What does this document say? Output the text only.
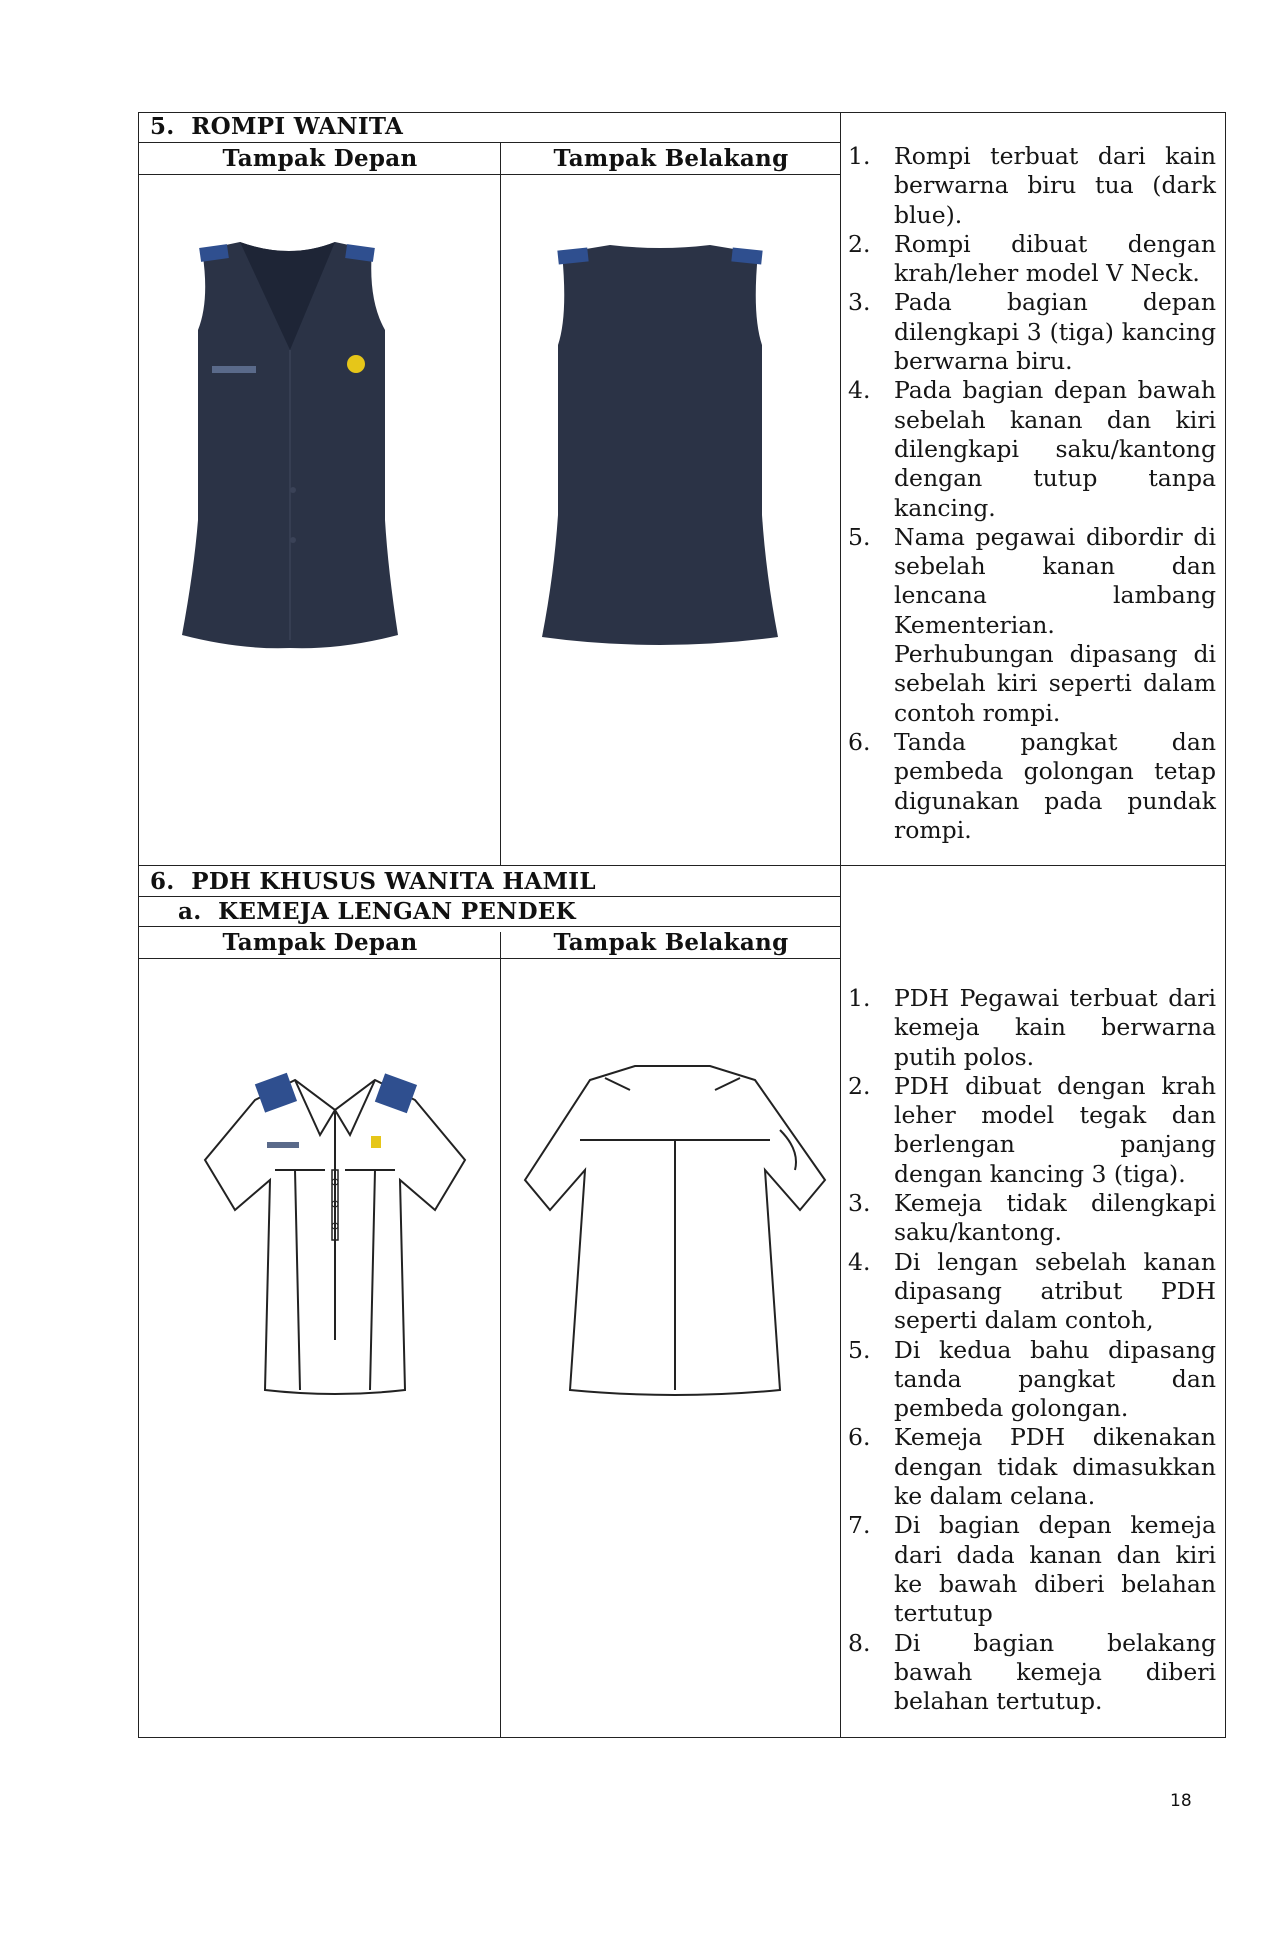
5.  ROMPI WANITA
Tampak Depan	Tampak Belakang
6.  PDH KHUSUS WANITA HAMIL
a.  KEMEJA LENGAN PENDEK
Tampak Depan	Tampak Belakang
1.	Rompi terbuat dari kain
berwarna biru tua (dark
blue).
2.	Rompi dibuat dengan
krah/leher model V Neck.
3.	Pada bagian depan
dilengkapi 3 (tiga) kancing
berwarna biru.
4.	Pada bagian depan bawah
sebelah kanan dan kiri
dilengkapi saku/kantong
dengan tutup tanpa
kancing.
5.	Nama pegawai dibordir di
sebelah kanan dan
lencana lambang
Kementerian.
Perhubungan dipasang di
sebelah kiri seperti dalam
contoh rompi.
6.	Tanda pangkat dan
pembeda golongan tetap
digunakan pada pundak
rompi.
1.	PDH Pegawai terbuat dari
kemeja kain berwarna
putih polos.
2.	PDH dibuat dengan krah
leher model tegak dan
berlengan panjang
dengan kancing 3 (tiga).
3.	Kemeja tidak dilengkapi
saku/kantong.
4.	Di lengan sebelah kanan
dipasang atribut PDH
seperti dalam contoh,
5.	Di kedua bahu dipasang
tanda pangkat dan
pembeda golongan.
6.	Kemeja PDH dikenakan
dengan tidak dimasukkan
ke dalam celana.
7.	Di bagian depan kemeja
dari dada kanan dan kiri
ke bawah diberi belahan
tertutup
8.	Di bagian belakang
bawah kemeja diberi
belahan tertutup.
18
